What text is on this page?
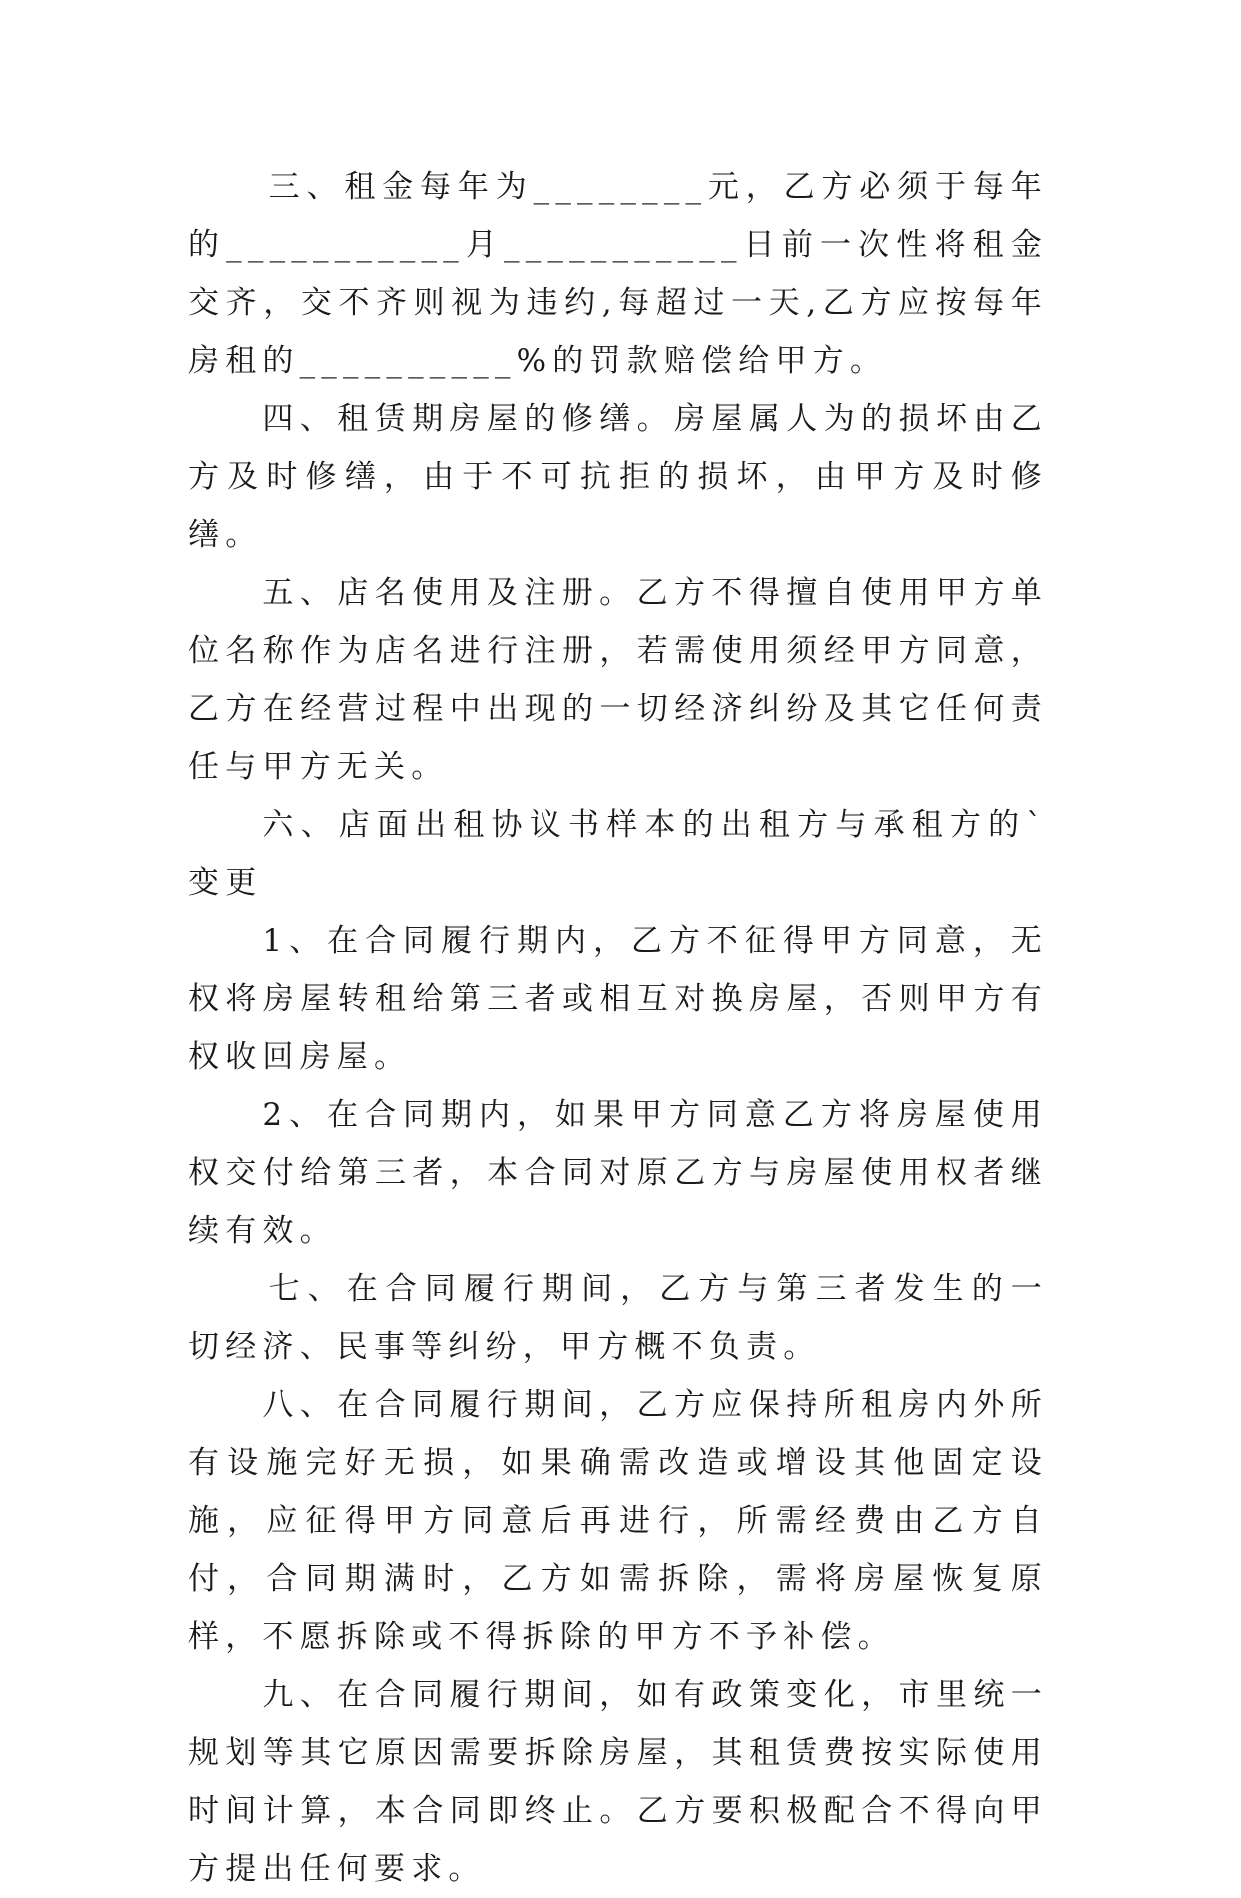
三、租金每年为________元，乙方必须于每年的___________月___________日前一次性将租金交齐，交不齐则视为违约,每超过一天,乙方应按每年房租的__________%的罚款赔偿给甲方。

四、租赁期房屋的修缮。房屋属人为的损坏由乙方及时修缮，由于不可抗拒的损坏，由甲方及时修缮。

五、店名使用及注册。乙方不得擅自使用甲方单位名称作为店名进行注册，若需使用须经甲方同意，乙方在经营过程中出现的一切经济纠纷及其它任何责任与甲方无关。

六、店面出租协议书样本的出租方与承租方的`变更

1、在合同履行期内，乙方不征得甲方同意，无权将房屋转租给第三者或相互对换房屋，否则甲方有权收回房屋。

2、在合同期内，如果甲方同意乙方将房屋使用权交付给第三者，本合同对原乙方与房屋使用权者继续有效。

七、在合同履行期间，乙方与第三者发生的一切经济、民事等纠纷，甲方概不负责。

八、在合同履行期间，乙方应保持所租房内外所有设施完好无损，如果确需改造或增设其他固定设施，应征得甲方同意后再进行，所需经费由乙方自付，合同期满时，乙方如需拆除，需将房屋恢复原样，不愿拆除或不得拆除的甲方不予补偿。

九、在合同履行期间，如有政策变化，市里统一规划等其它原因需要拆除房屋，其租赁费按实际使用时间计算，本合同即终止。乙方要积极配合不得向甲方提出任何要求。
